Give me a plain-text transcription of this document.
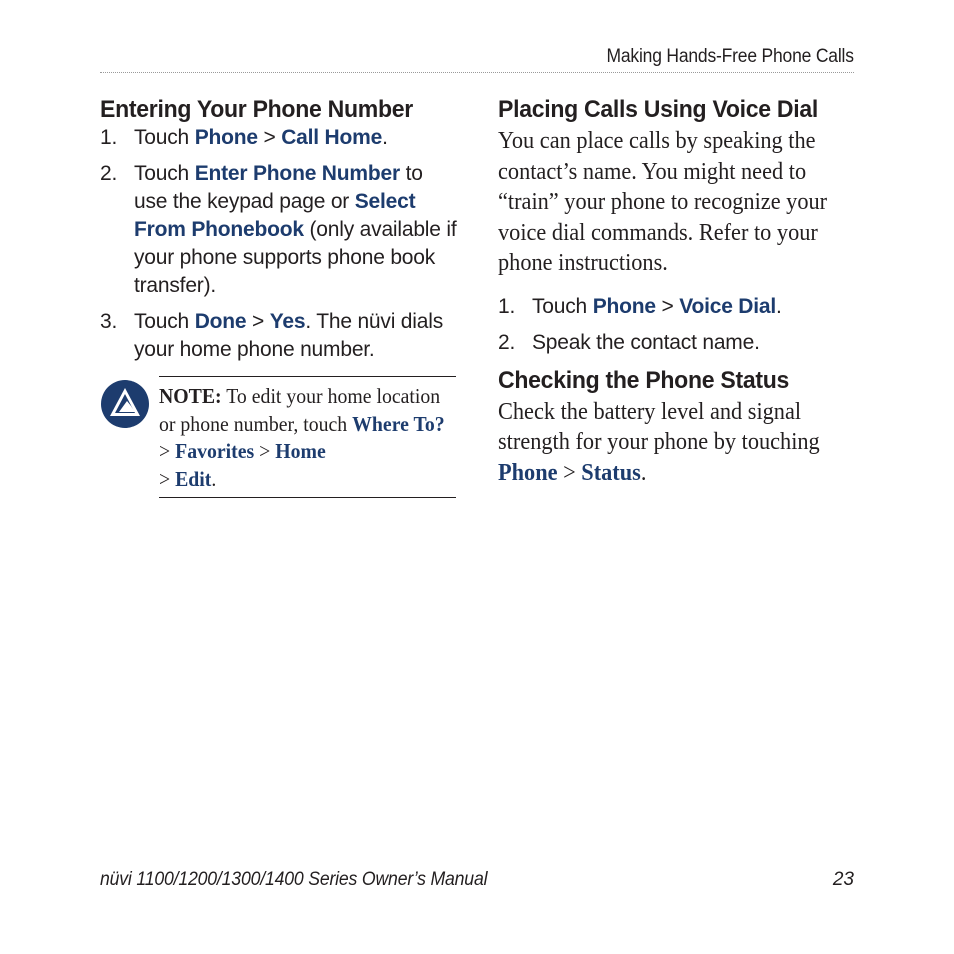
Making Hands-Free Phone Calls
Entering Your Phone Number
1. Touch Phone > Call Home.
2. Touch Enter Phone Number to use the keypad page or Select From Phonebook (only available if your phone supports phone book transfer).
3. Touch Done > Yes. The nüvi dials your home phone number.
NOTE: To edit your home location or phone number, touch Where To? > Favorites > Home
> Edit.
Placing Calls Using Voice Dial

You can place calls by speaking the contact’s name. You might need to “train” your phone to recognize your voice dial commands. Refer to your phone instructions.

1. Touch Phone > Voice Dial.
2. Speak the contact name.
Checking the Phone Status

Check the battery level and signal strength for your phone by touching Phone > Status.

nüvi 1100/1200/1300/1400 Series Owner’s Manual	23
